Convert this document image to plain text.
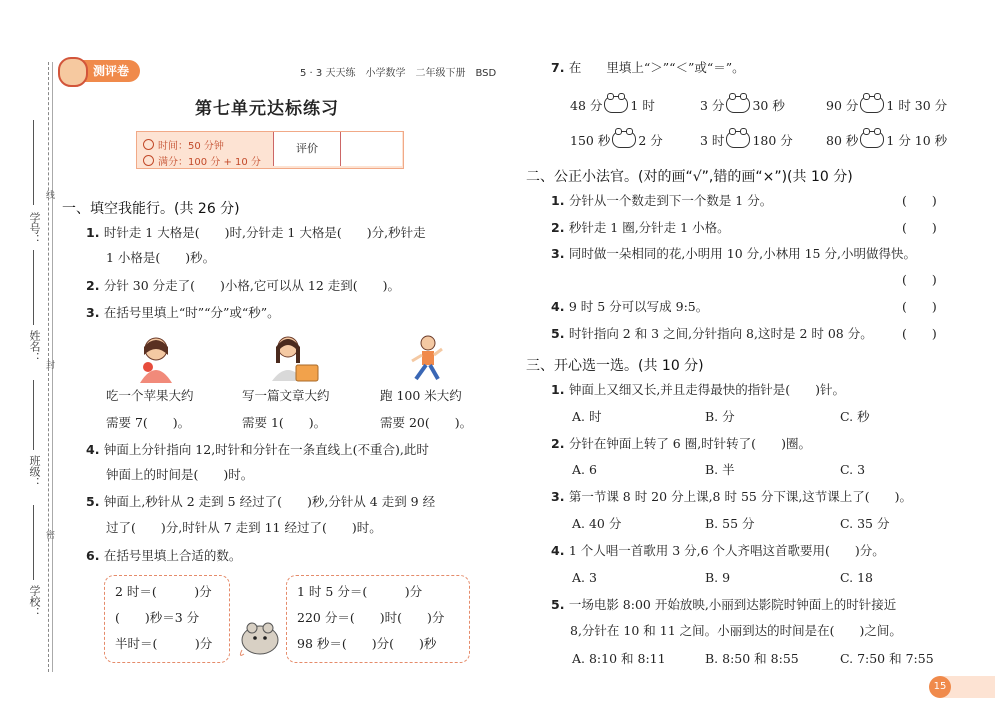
学号：
姓名：
班级：
学校：
线
封
密
测评卷	5 · 3 天天练　小学数学　二年级下册　BSD
第七单元达标练习
时间：50 分钟
满分：100 分 + 10 分
评价
一、填空我能行。(共 26 分)
1. 时针走 1 大格是(　　)时,分针走 1 大格是(　　)分,秒针走
1 小格是(　　)秒。
2. 分针 30 分走了(　　)小格,它可以从 12 走到(　　)。
3. 在括号里填上“时”“分”或“秒”。
吃一个苹果大约
需要 7(　　)。
写一篇文章大约
需要 1(　　)。
跑 100 米大约
需要 20(　　)。
4. 钟面上分针指向 12,时针和分针在一条直线上(不重合),此时
钟面上的时间是(　　)时。
5. 钟面上,秒针从 2 走到 5 经过了(　　)秒,分针从 4 走到 9 经
过了(　　)分,时针从 7 走到 11 经过了(　　)时。
6. 在括号里填上合适的数。
2 时＝(　　　)分
(　　)秒＝3 分
半时＝(　　　)分
1 时 5 分＝(　　　)分
220 分＝(　　)时(　　)分
98 秒＝(　　)分(　　)秒
7. 在　　里填上“＞”“＜”或“＝”。
48 分 1 时	3 分 30 秒	90 分 1 时 30 分
150 秒 2 分	3 时 180 分	80 秒 1 分 10 秒
二、公正小法官。(对的画“√”,错的画“×”)(共 10 分)
1. 分针从一个数走到下一个数是 1 分。	(　　)
2. 秒针走 1 圈,分针走 1 小格。	(　　)
3. 同时做一朵相同的花,小明用 10 分,小林用 15 分,小明做得快。
(　　)
4. 9 时 5 分可以写成 9:5。	(　　)
5. 时针指向 2 和 3 之间,分针指向 8,这时是 2 时 08 分。 (　　)
三、开心选一选。(共 10 分)
1. 钟面上又细又长,并且走得最快的指针是(　　)针。
A. 时	B. 分	C. 秒
2. 分针在钟面上转了 6 圈,时针转了(　　)圈。
A. 6	B. 半	C. 3
3. 第一节课 8 时 20 分上课,8 时 55 分下课,这节课上了(　　)。
A. 40 分	B. 55 分	C. 35 分
4. 1 个人唱一首歌用 3 分,6 个人齐唱这首歌要用(　　)分。
A. 3	B. 9	C. 18
5. 一场电影 8:00 开始放映,小丽到达影院时钟面上的时针接近
8,分针在 10 和 11 之间。小丽到达的时间是在(　　)之间。
A. 8:10 和 8:11	B. 8:50 和 8:55	C. 7:50 和 7:55
15
